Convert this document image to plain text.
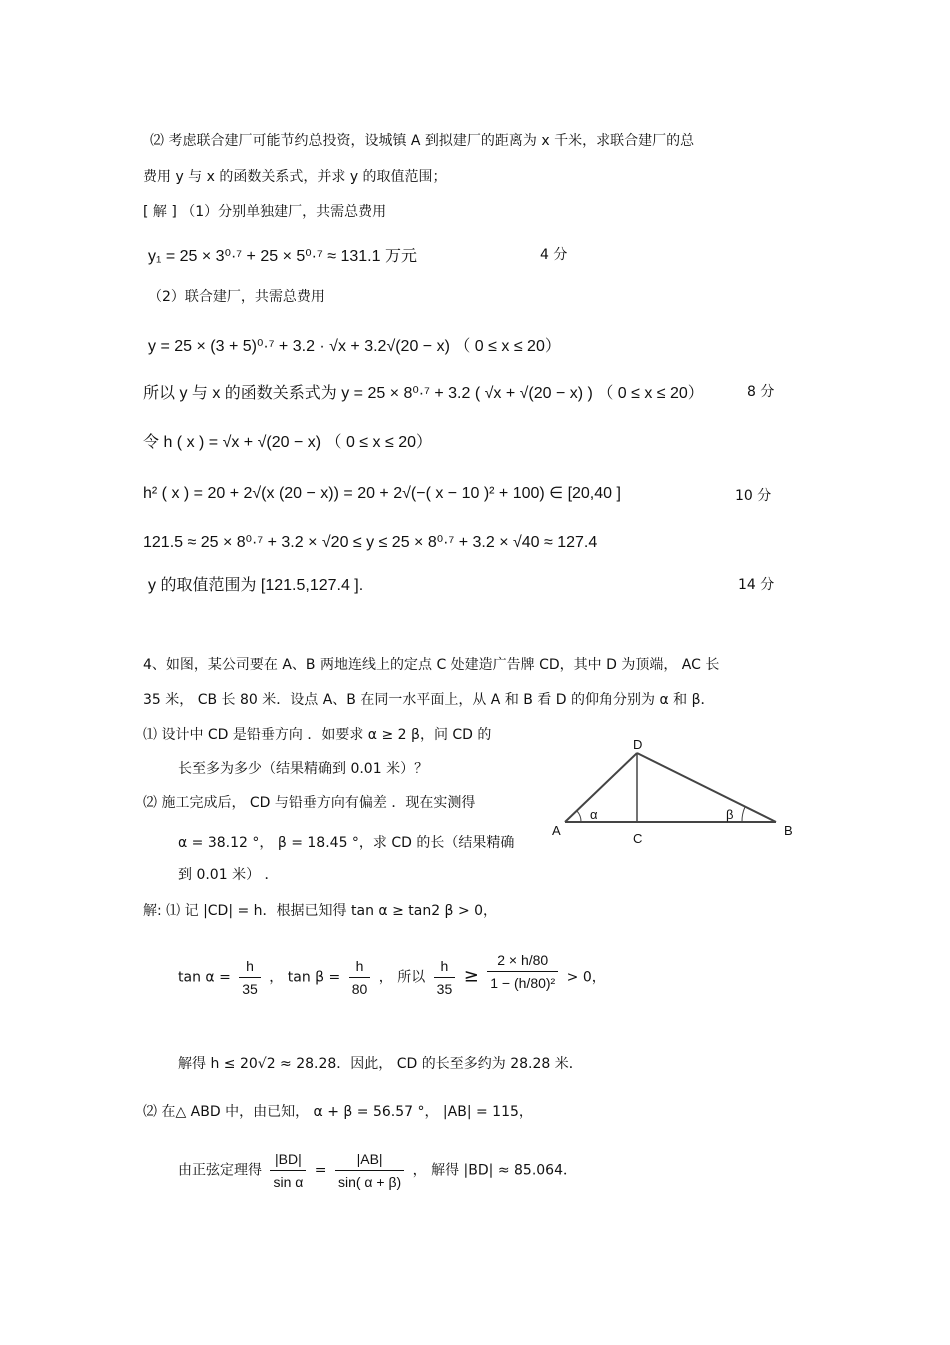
⑵ 考虑联合建厂可能节约总投资，设城镇 A 到拟建厂的距离为 x 千米，求联合建厂的总
费用 y 与 x 的函数关系式，并求 y 的取值范围；
[ 解 ] （1）分别单独建厂，共需总费用
y₁ = 25 × 3⁰·⁷ + 25 × 5⁰·⁷ ≈ 131.1 万元	4 分
（2）联合建厂，共需总费用
y = 25 × (3 + 5)⁰·⁷ + 3.2 · √x + 3.2√(20 − x) （ 0 ≤ x ≤ 20）
所以 y 与 x 的函数关系式为 y = 25 × 8⁰·⁷ + 3.2 ( √x + √(20 − x) ) （ 0 ≤ x ≤ 20）	8 分
令 h ( x ) = √x + √(20 − x) （ 0 ≤ x ≤ 20）
h² ( x ) = 20 + 2√(x (20 − x)) = 20 + 2√(−( x − 10 )² + 100) ∈ [20,40 ]	10 分
121.5 ≈ 25 × 8⁰·⁷ + 3.2 × √20 ≤ y ≤ 25 × 8⁰·⁷ + 3.2 × √40 ≈ 127.4
y 的取值范围为 [121.5,127.4 ].	14 分
4、如图，某公司要在 A、B 两地连线上的定点 C 处建造广告牌 CD，其中 D 为顶端， AC 长
35 米， CB 长 80 米．设点 A、B 在同一水平面上，从 A 和 B 看 D 的仰角分别为 α 和 β．
⑴ 设计中 CD 是铅垂方向 ．如要求 α ≥ 2 β，问 CD 的
长至多为多少（结果精确到 0.01 米）？
⑵ 施工完成后， CD 与铅垂方向有偏差 ．现在实测得
α = 38.12 °， β = 18.45 °，求 CD 的长（结果精确
到 0.01 米） ．
D
A
C
B
α	β
解: ⑴ 记 |CD| = h．根据已知得 tan α ≥ tan2 β > 0，
$\tan \alpha = \frac{h}{35}$ ， $\tan \beta = \frac{h}{80}$ ， 所以 $\frac{h}{35} \ge \frac{2 \times h/80}{\text{1 − (h/80)²}} > 0$，
解得 h ≤ 20√2 ≈ 28.28．因此， CD 的长至多约为 28.28 米．
⑵ 在△ ABD 中，由已知， α + β = 56.57 °， |AB| = 115，
由正弦定理得 $\frac{|BD|}{\text{sin α}} = \frac{|AB|}{\sin( \alpha + \beta)}$ ， 解得 |BD| ≈ 85.064．
